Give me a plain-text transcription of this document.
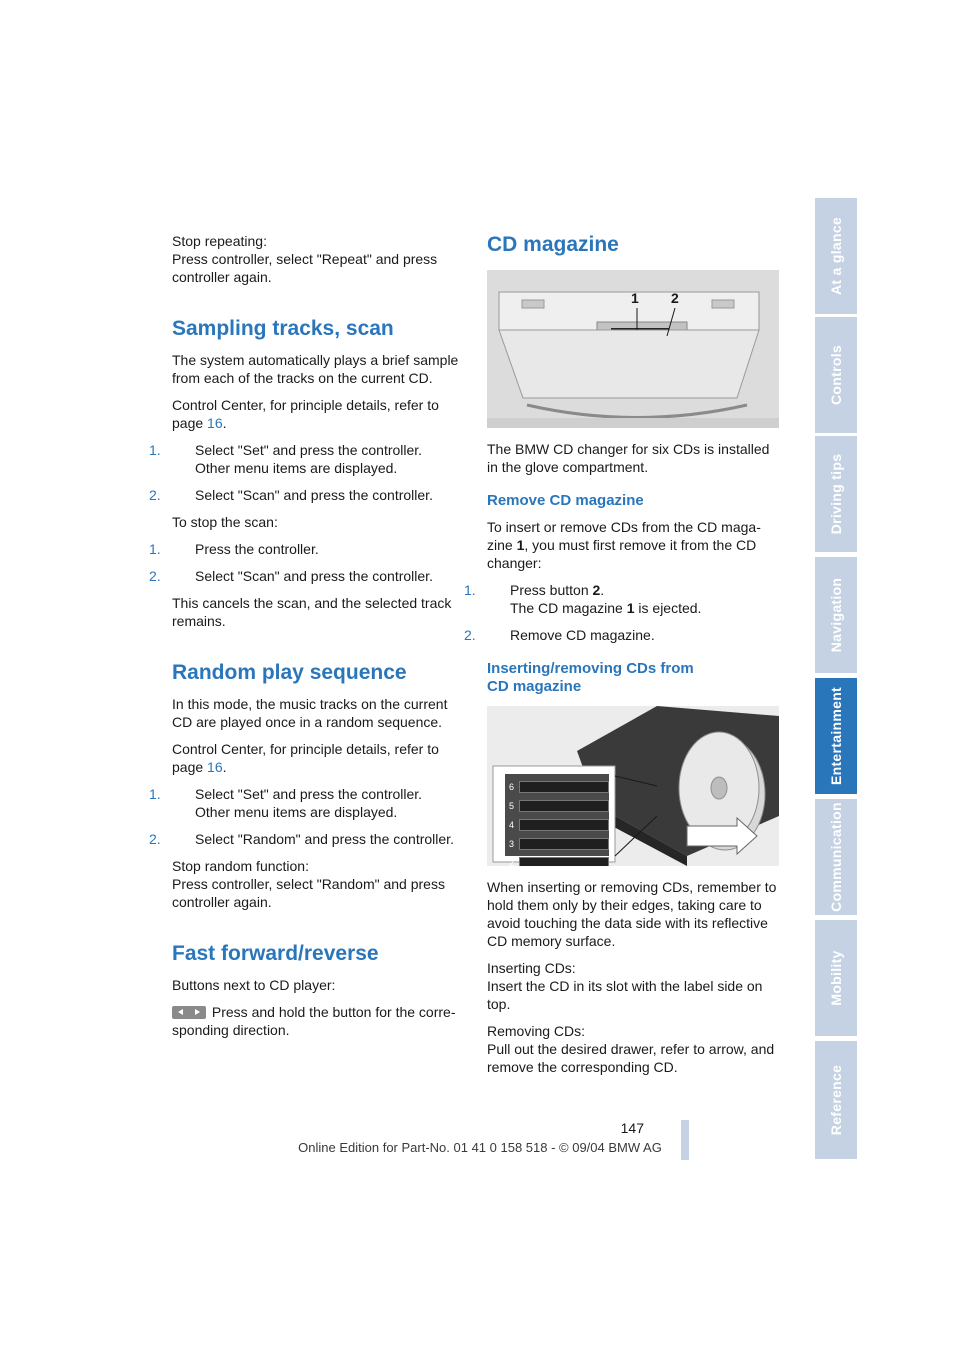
Stop repeating:
Press controller, select "Repeat" and press controller again.

Sampling tracks, scan

The system automatically plays a brief sample from each of the tracks on the current CD.

Control Center, for principle details, refer to page 16.

1. Select "Set" and press the controller.
Other menu items are displayed.

2. Select "Scan" and press the controller.

To stop the scan:

1. Press the controller.

2. Select "Scan" and press the controller.

This cancels the scan, and the selected track remains.

Random play sequence

In this mode, the music tracks on the current CD are played once in a random sequence.

Control Center, for principle details, refer to page 16.

1. Select "Set" and press the controller.
Other menu items are displayed.

2. Select "Random" and press the controller.

Stop random function:
Press controller, select "Random" and press controller again.

Fast forward/reverse

Buttons next to CD player:

Press and hold the button for the corre-sponding direction.

CD magazine
1 2

The BMW CD changer for six CDs is installed in the glove compartment.

Remove CD magazine

To insert or remove CDs from the CD maga-zine 1, you must first remove it from the CD changer:

1. Press button 2.
The CD magazine 1 is ejected.

2. Remove CD magazine.

Inserting/removing CDs from
CD magazine
6
5
4
3
2

When inserting or removing CDs, remember to hold them only by their edges, taking care to avoid touching the data side with its reflective CD memory surface.

Inserting CDs:
Insert the CD in its slot with the label side on top.

Removing CDs:
Pull out the desired drawer, refer to arrow, and remove the corresponding CD.

At a glance
Controls
Driving tips
Navigation
Entertainment
Communication
Mobility
Reference
147
Online Edition for Part-No. 01 41 0 158 518 - © 09/04 BMW AG
